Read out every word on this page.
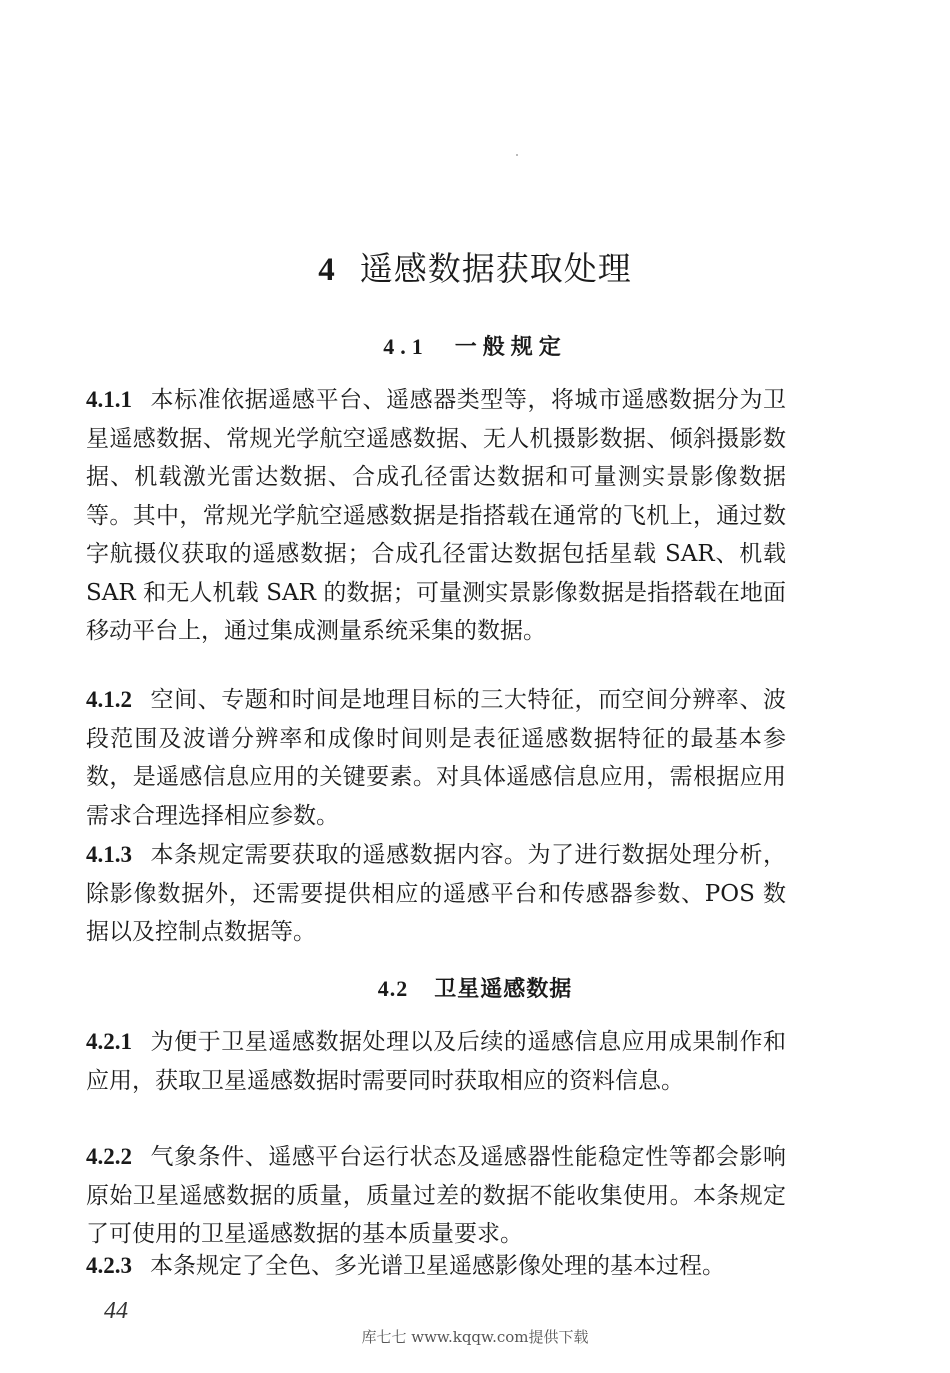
4 遥感数据获取处理
4.1 一般规定
4.1.1 本标准依据遥感平台、遥感器类型等，将城市遥感数据分为卫星遥感数据、常规光学航空遥感数据、无人机摄影数据、倾斜摄影数据、机载激光雷达数据、合成孔径雷达数据和可量测实景影像数据等。其中，常规光学航空遥感数据是指搭载在通常的飞机上，通过数字航摄仪获取的遥感数据；合成孔径雷达数据包括星载 SAR、机载 SAR 和无人机载 SAR 的数据；可量测实景影像数据是指搭载在地面移动平台上，通过集成测量系统采集的数据。
4.1.2 空间、专题和时间是地理目标的三大特征，而空间分辨率、波段范围及波谱分辨率和成像时间则是表征遥感数据特征的最基本参数，是遥感信息应用的关键要素。对具体遥感信息应用，需根据应用需求合理选择相应参数。
4.1.3 本条规定需要获取的遥感数据内容。为了进行数据处理分析，除影像数据外，还需要提供相应的遥感平台和传感器参数、POS 数据以及控制点数据等。
4.2 卫星遥感数据
4.2.1 为便于卫星遥感数据处理以及后续的遥感信息应用成果制作和应用，获取卫星遥感数据时需要同时获取相应的资料信息。
4.2.2 气象条件、遥感平台运行状态及遥感器性能稳定性等都会影响原始卫星遥感数据的质量，质量过差的数据不能收集使用。本条规定了可使用的卫星遥感数据的基本质量要求。
4.2.3 本条规定了全色、多光谱卫星遥感影像处理的基本过程。
44
库七七 www.kqqw.com提供下载
